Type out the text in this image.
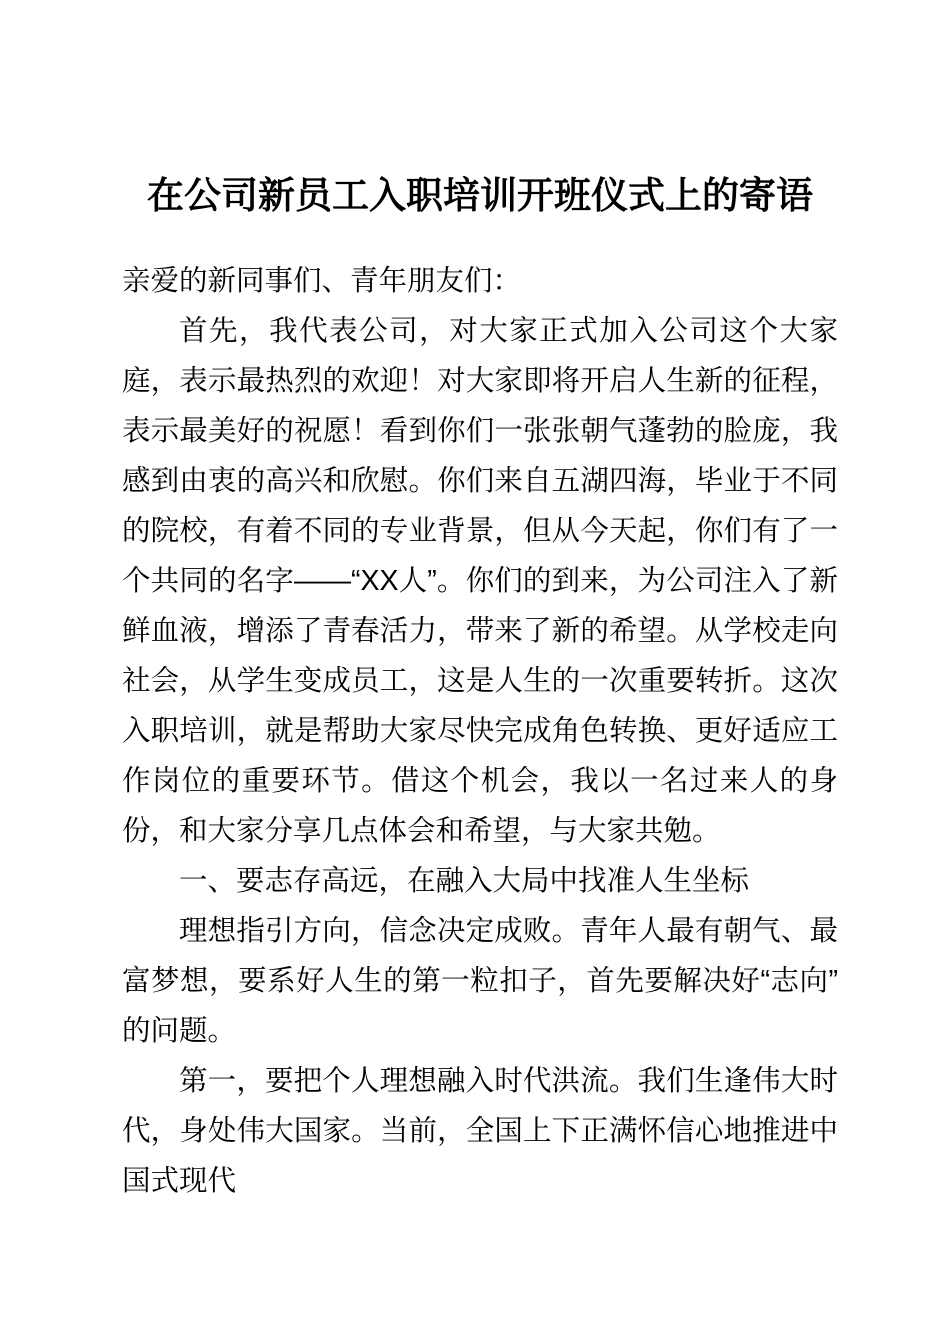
在公司新员工入职培训开班仪式上的寄语

亲爱的新同事们、青年朋友们：

首先，我代表公司，对大家正式加入公司这个大家庭，表示最热烈的欢迎！对大家即将开启人生新的征程，表示最美好的祝愿！看到你们一张张朝气蓬勃的脸庞，我感到由衷的高兴和欣慰。你们来自五湖四海，毕业于不同的院校，有着不同的专业背景，但从今天起，你们有了一个共同的名字——“XX人”。你们的到来，为公司注入了新鲜血液，增添了青春活力，带来了新的希望。从学校走向社会，从学生变成员工，这是人生的一次重要转折。这次入职培训，就是帮助大家尽快完成角色转换、更好适应工作岗位的重要环节。借这个机会，我以一名过来人的身份，和大家分享几点体会和希望，与大家共勉。

一、要志存高远，在融入大局中找准人生坐标

理想指引方向，信念决定成败。青年人最有朝气、最富梦想，要系好人生的第一粒扣子，首先要解决好“志向”的问题。

第一，要把个人理想融入时代洪流。我们生逢伟大时代，身处伟大国家。当前，全国上下正满怀信心地推进中国式现代
